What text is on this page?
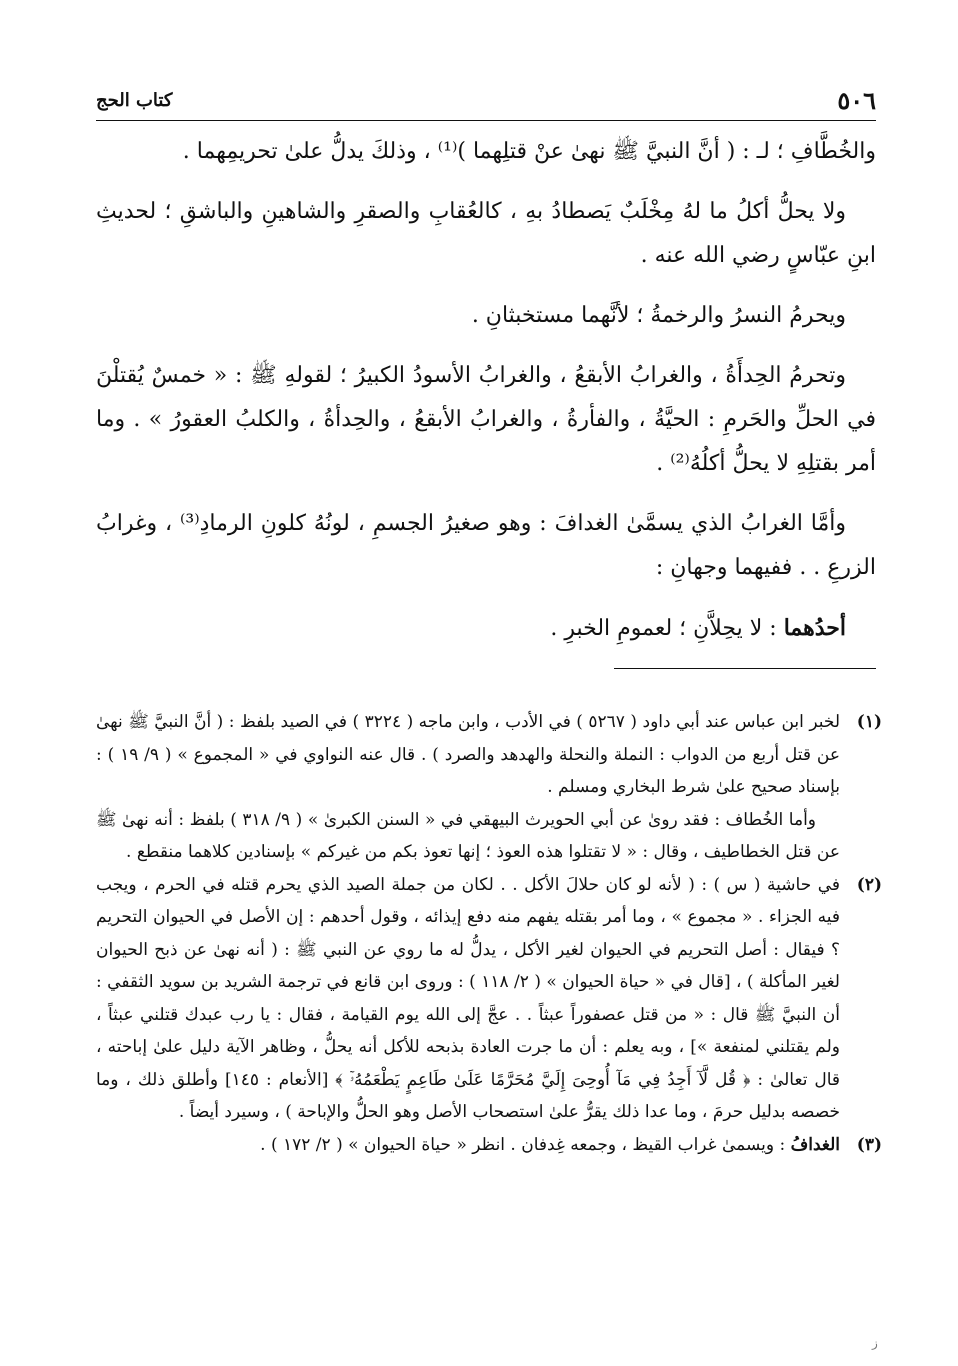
٥٠٦
كتاب الحج

والخُطَّافِ ؛ لـ : ( أنَّ النبيَّ ﷺ نهىٰ عنْ قتلِهما )⁽¹⁾ ، وذلكَ يدلُّ علىٰ تحريمِهما .

ولا يحلُّ أكلُ ما لهُ مِخْلَبٌ يَصطادُ بهِ ، كالعُقابِ والصقرِ والشاهينِ والباشقِ ؛ لحديثِ ابنِ عبّاسٍ رضي الله عنه .

ويحرمُ النسرُ والرخمةُ ؛ لأنَّهما مستخبثانِ .

وتحرمُ الحِدأَةُ ، والغرابُ الأبقعُ ، والغرابُ الأسودُ الكبيرُ ؛ لقولهِ ﷺ : « خمسٌ يُقتلْنَ في الحلِّ والحَرمِ : الحيَّةُ ، والفأرةُ ، والغرابُ الأبقعُ ، والحِدأةُ ، والكلبُ العقورُ » . وما أمر بقتلِهِ لا يحلُّ أكلُهُ⁽²⁾ .

وأمَّا الغرابُ الذي يسمَّىٰ الغدافَ : وهو صغيرُ الجسمِ ، لونُهُ كلونِ الرمادِ⁽³⁾ ، وغرابُ الزرعِ . . ففيهما وجهانِ :

أحدُهما : لا يحِلاَّنِ ؛ لعمومِ الخبرِ .

(١)

لخبر ابن عباس عند أبي داود ( ٥٢٦٧ ) في الأدب ، وابن ماجه ( ٣٢٢٤ ) في الصيد بلفظ : ( أنَّ النبيَّ ﷺ نهىٰ عن قتل أربع من الدواب : النملة والنحلة والهدهد والصرد ) . قال عنه النواوي في « المجموع » ( ٩/ ١٩ ) : بإسناد صحيح علىٰ شرط البخاري ومسلم .

وأما الخُطاف : فقد روىٰ عن أبي الحويرث البيهقي في « السنن الكبرىٰ » ( ٩/ ٣١٨ ) بلفظ : أنه نهىٰ ﷺ عن قتل الخطاطيف ، وقال : « لا تقتلوا هذه العوذ ؛ إنها تعوذ بكم من غيركم » بإسنادين كلاهما منقطع .

(٢)

في حاشية ( س ) : ( لأنه لو كان حلالَ الأكل . . لكان من جملة الصيد الذي يحرم قتله في الحرم ، ويجب فيه الجزاء . « مجموع » ، وما أمر بقتله يفهم منه دفع إيذائه ، وقول أحدهم : إن الأصل في الحيوان التحريم ؟ فيقال : أصل التحريم في الحيوان لغير الأكل ، يدلُّ له ما روي عن النبي ﷺ : ( أنه نهىٰ عن ذبح الحيوان لغير المأكلة ) ، [قال في « حياة الحيوان » ( ٢/ ١١٨ ) : وروى ابن قانع في ترجمة الشريد بن سويد الثقفي : أن النبيَّ ﷺ قال : « من قتل عصفوراً عبثاً . . عجَّ إلى الله يوم القيامة ، فقال : يا رب عبدك قتلني عبثاً ، ولم يقتلني لمنفعة »] ، وبه يعلم : أن ما جرت العادة بذبحه للأكل أنه يحلُّ ، وظاهر الآية دليل علىٰ إباحته ، قال تعالىٰ : ﴿ قُل لَّآ أَجِدُ فِي مَآ أُوحِىَ إِلَيَّ مُحَرَّمًا عَلَىٰ طَاعِمٍ يَطْعَمُهُۥٓ ﴾ [الأنعام : ١٤٥] وأطلق ذلك ، وما خصصه بدليل حرمَ ، وما عدا ذلك يقرُّ علىٰ استصحاب الأصل وهو الحلُّ والإباحة ) ، وسيرد أيضاً .

(٣)

الغدافُ : ويسمىٰ غراب القيظ ، وجمعه غِدفان . انظر « حياة الحيوان » ( ٢/ ١٧٢ ) .

ز
